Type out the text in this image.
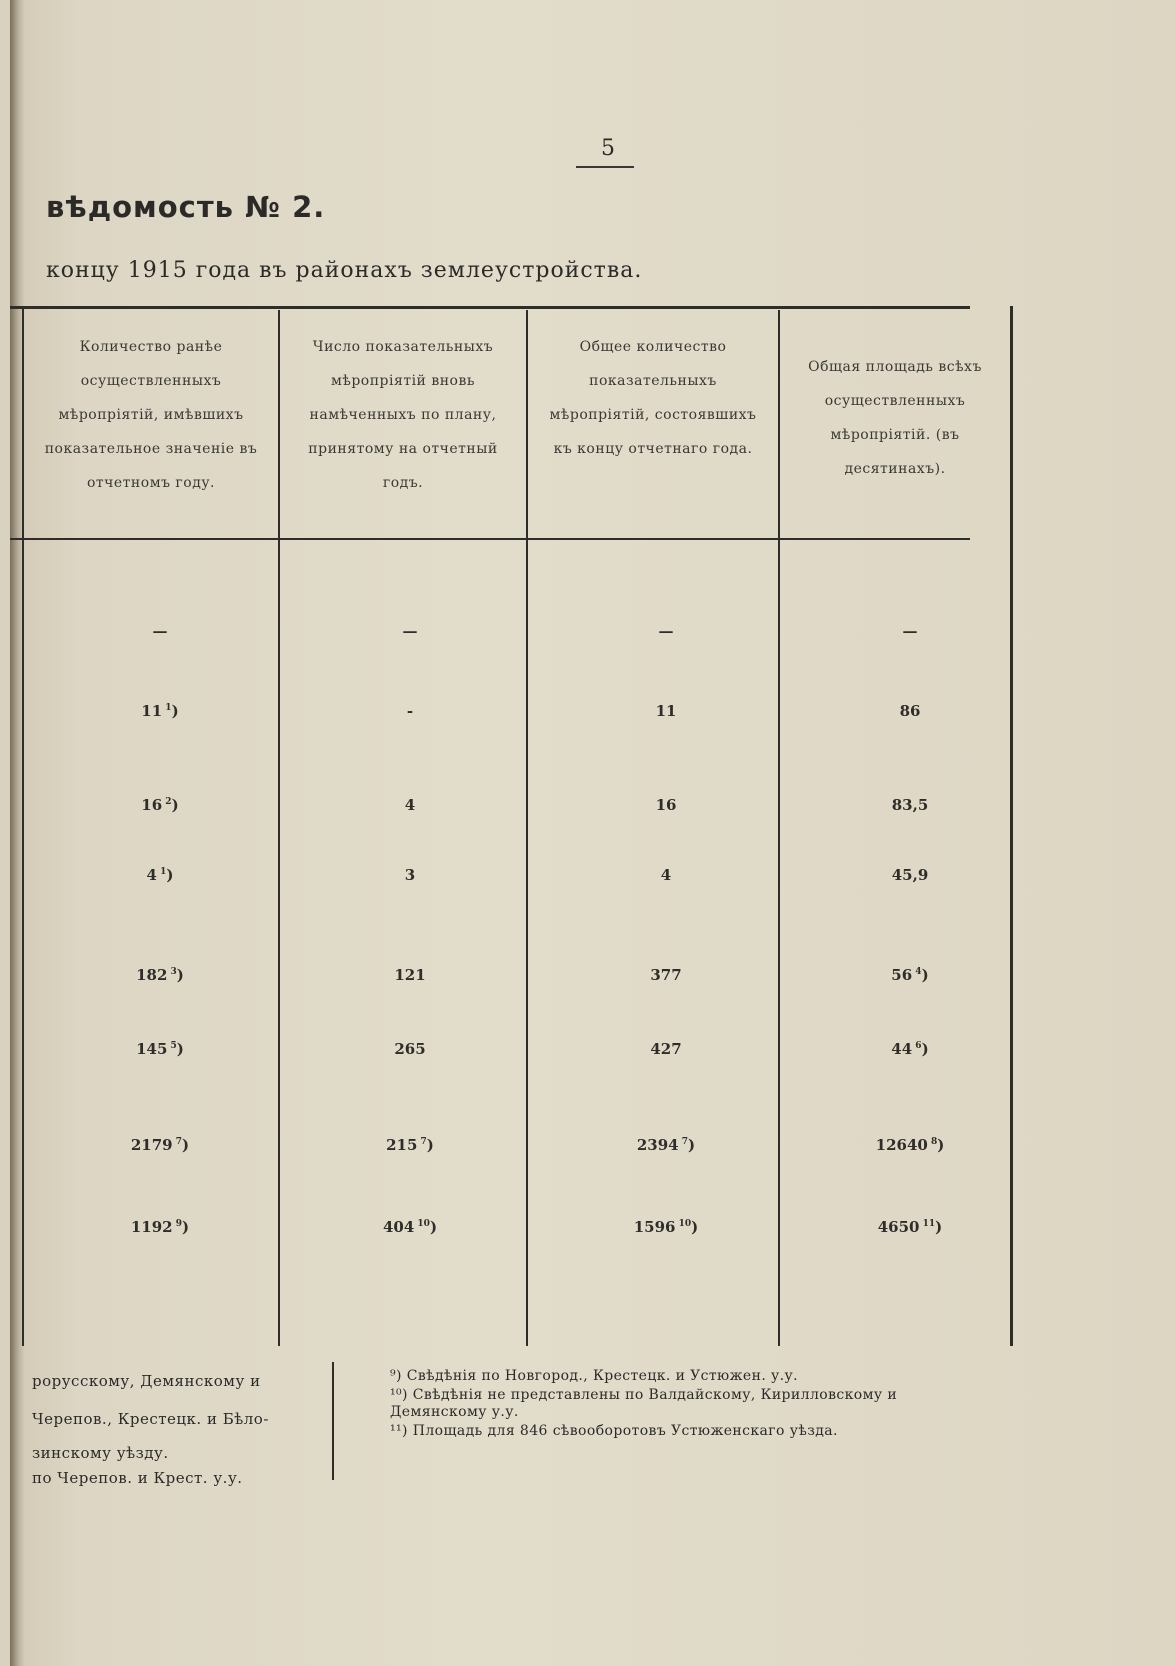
5
вѣдомость № 2.
концу 1915 года въ районахъ землеустройства.
Количество ранѣе осуществленныхъ мѣропріятій, имѣвшихъ показательное значеніе въ отчетномъ году.
Число показательныхъ мѣропріятій вновь намѣченныхъ по плану, принятому на отчетный годъ.
Общее количество показательныхъ мѣропріятій, состоявшихъ къ концу отчетнаго года.
Общая площадь всѣхъ осуществленныхъ мѣропріятій. (въ десятинахъ).
—	—	—	—
11 $^1$)	-	11	86
16 $^2$)	4	16	83,5
4 $^1$)	3	4	45,9
182 $^3$)	121	377	56 $^4$)
145 $^5$)	265	427	44 $^6$)
2179 $^7$)	215 $^7$)	2394 $^7$)	12640 $^8$)
1192 $^9$)	404 $^{10}$)	1596 $^{10}$)	4650 $^{11}$)
рорусскому, Демянскому и
Черепов., Крестецк. и Бѣло-
зинскому уѣзду.
по Черепов. и Крест. у.у.
⁹) Свѣдѣнія по Новгород., Крестецк. и Устюжен. у.у.
¹⁰) Свѣдѣнія не представлены по Валдайскому, Кирилловскому и Демянскому у.у.
¹¹) Площадь для 846 сѣвооборотовъ Устюженскаго уѣзда.
